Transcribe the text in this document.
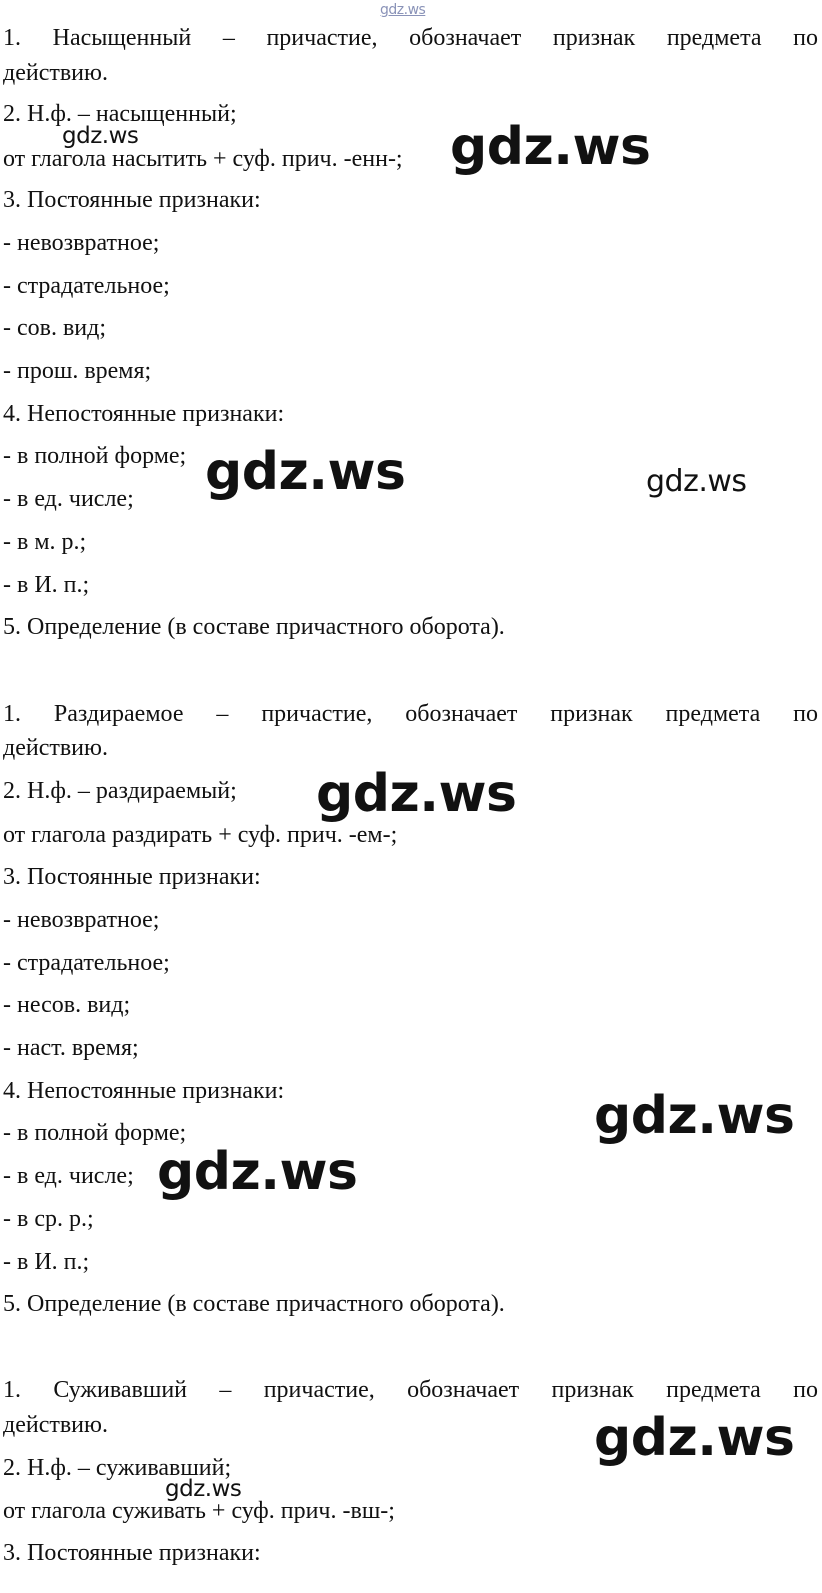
1. Насыщенный – причастие, обозначает признак предмета по
действию.
2. Н.ф. – насыщенный;
от глагола насытить + суф. прич. -енн-;
3. Постоянные признаки:
- невозвратное;
- страдательное;
- сов. вид;
- прош. время;
4. Непостоянные признаки:
- в полной форме;
- в ед. числе;
- в м. р.;
- в И. п.;
5. Определение (в составе причастного оборота).
1. Раздираемое – причастие, обозначает признак предмета по
действию.
2. Н.ф. – раздираемый;
от глагола раздирать + суф. прич. -ем-;
3. Постоянные признаки:
- невозвратное;
- страдательное;
- несов. вид;
- наст. время;
4. Непостоянные признаки:
- в полной форме;
- в ед. числе;
- в ср. р.;
- в И. п.;
5. Определение (в составе причастного оборота).
1. Суживавший – причастие, обозначает признак предмета по
действию.
2. Н.ф. – суживавший;
от глагола суживать + суф. прич. -вш-;
3. Постоянные признаки:
gdz.ws
gdz.ws	gdz.ws
gdz.ws	gdz.ws
gdz.ws
gdz.ws
gdz.ws
gdz.ws
gdz.ws
